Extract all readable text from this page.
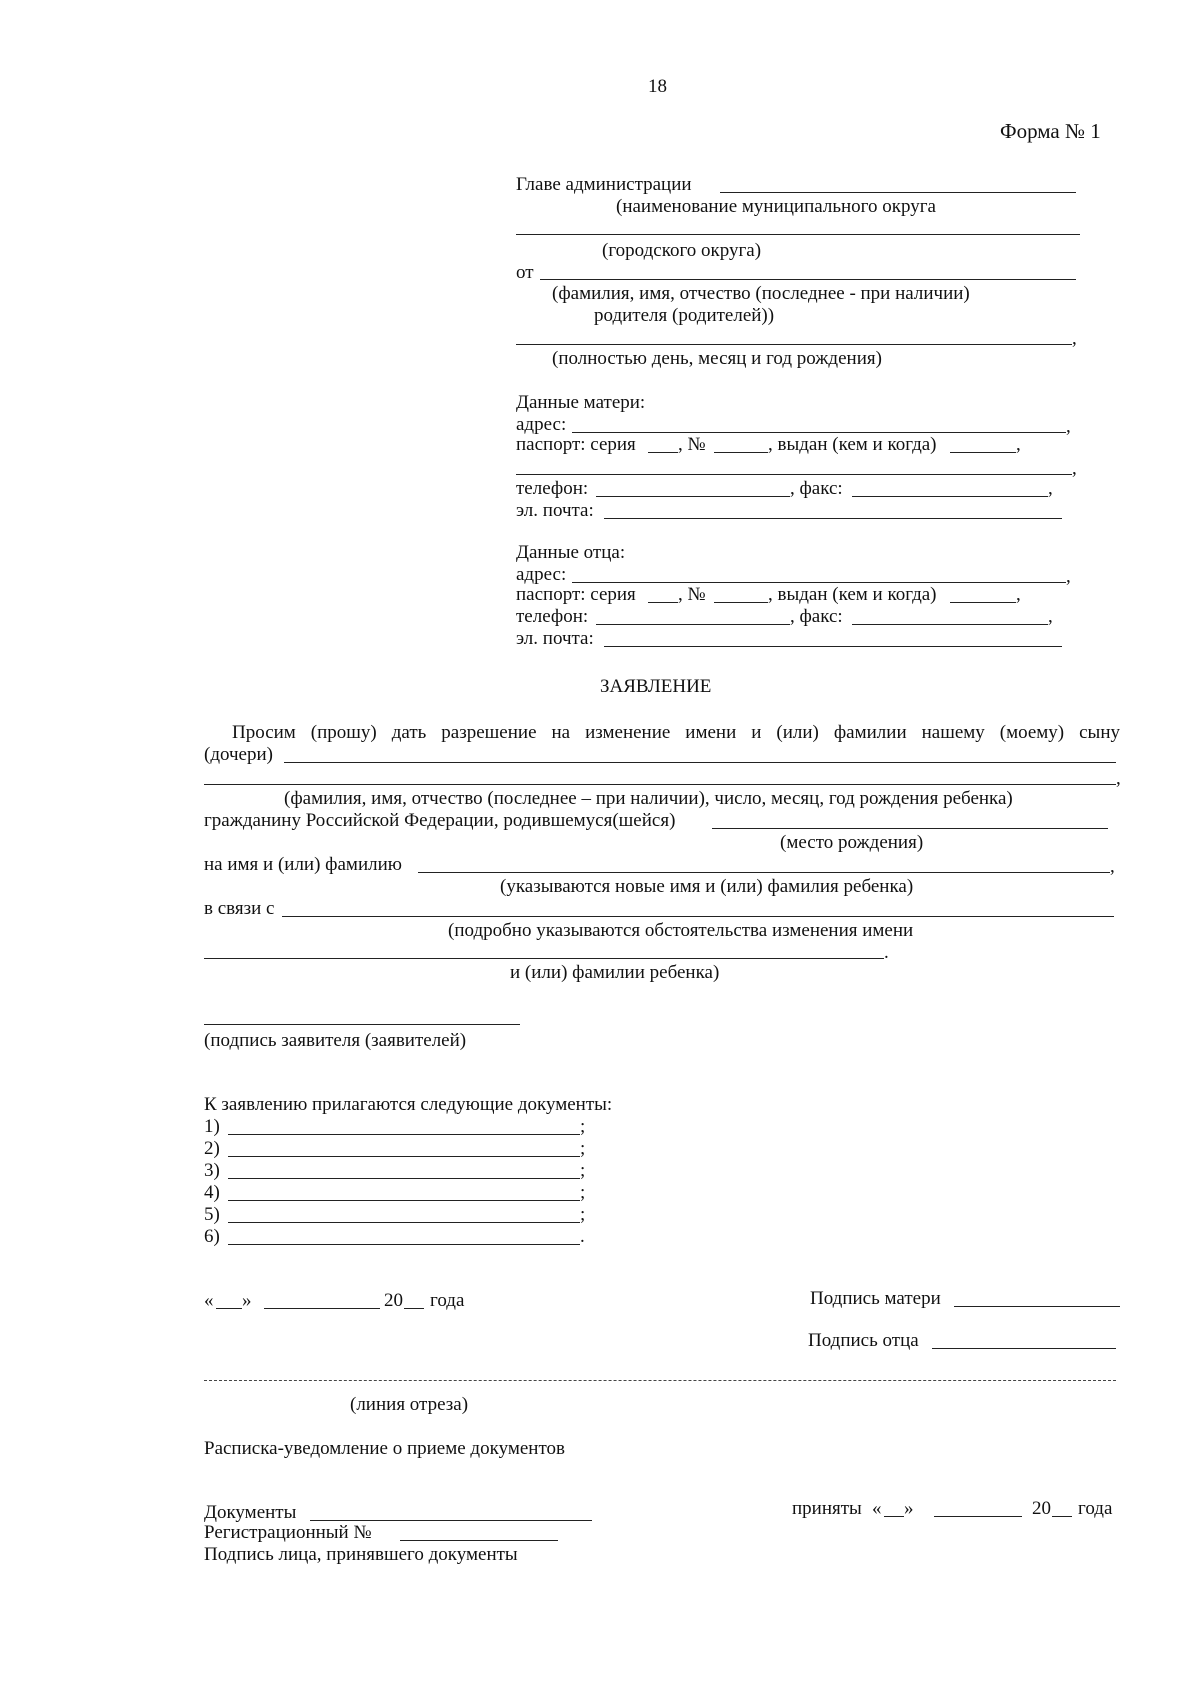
18
Форма № 1
Главе администрации
(наименование муниципального округа
(городского округа)
от
(фамилия, имя, отчество (последнее - при наличии)
родителя (родителей))
,
(полностью день, месяц и год рождения)
Данные матери:
адрес:	,
паспорт: серия , №	, выдан (кем и когда)	,
,
телефон:	, факс:	,
эл. почта:
Данные отца:
адрес:	,
паспорт: серия , №	, выдан (кем и когда)	,
телефон:	, факс:	,
эл. почта:
ЗАЯВЛЕНИЕ
Просим (прошу) дать разрешение на изменение имени и (или) фамилии нашему (моему) сыну
(дочери)
,
(фамилия, имя, отчество (последнее – при наличии), число, месяц, год рождения ребенка)
гражданину Российской Федерации, родившемуся(шейся)
(место рождения)
на имя и (или) фамилию	,
(указываются новые имя и (или) фамилия ребенка)
в связи с
(подробно указываются обстоятельства изменения имени
.
и (или) фамилии ребенка)
(подпись заявителя (заявителей)
К заявлению прилагаются следующие документы:
1)	;
2)	;
3)	;
4)	;
5)	;
6)	.
« »	20 года	Подпись матери
Подпись отца
(линия отреза)
Расписка-уведомление о приеме документов
Документы	приняты « »	20 года
Регистрационный №
Подпись лица, принявшего документы
